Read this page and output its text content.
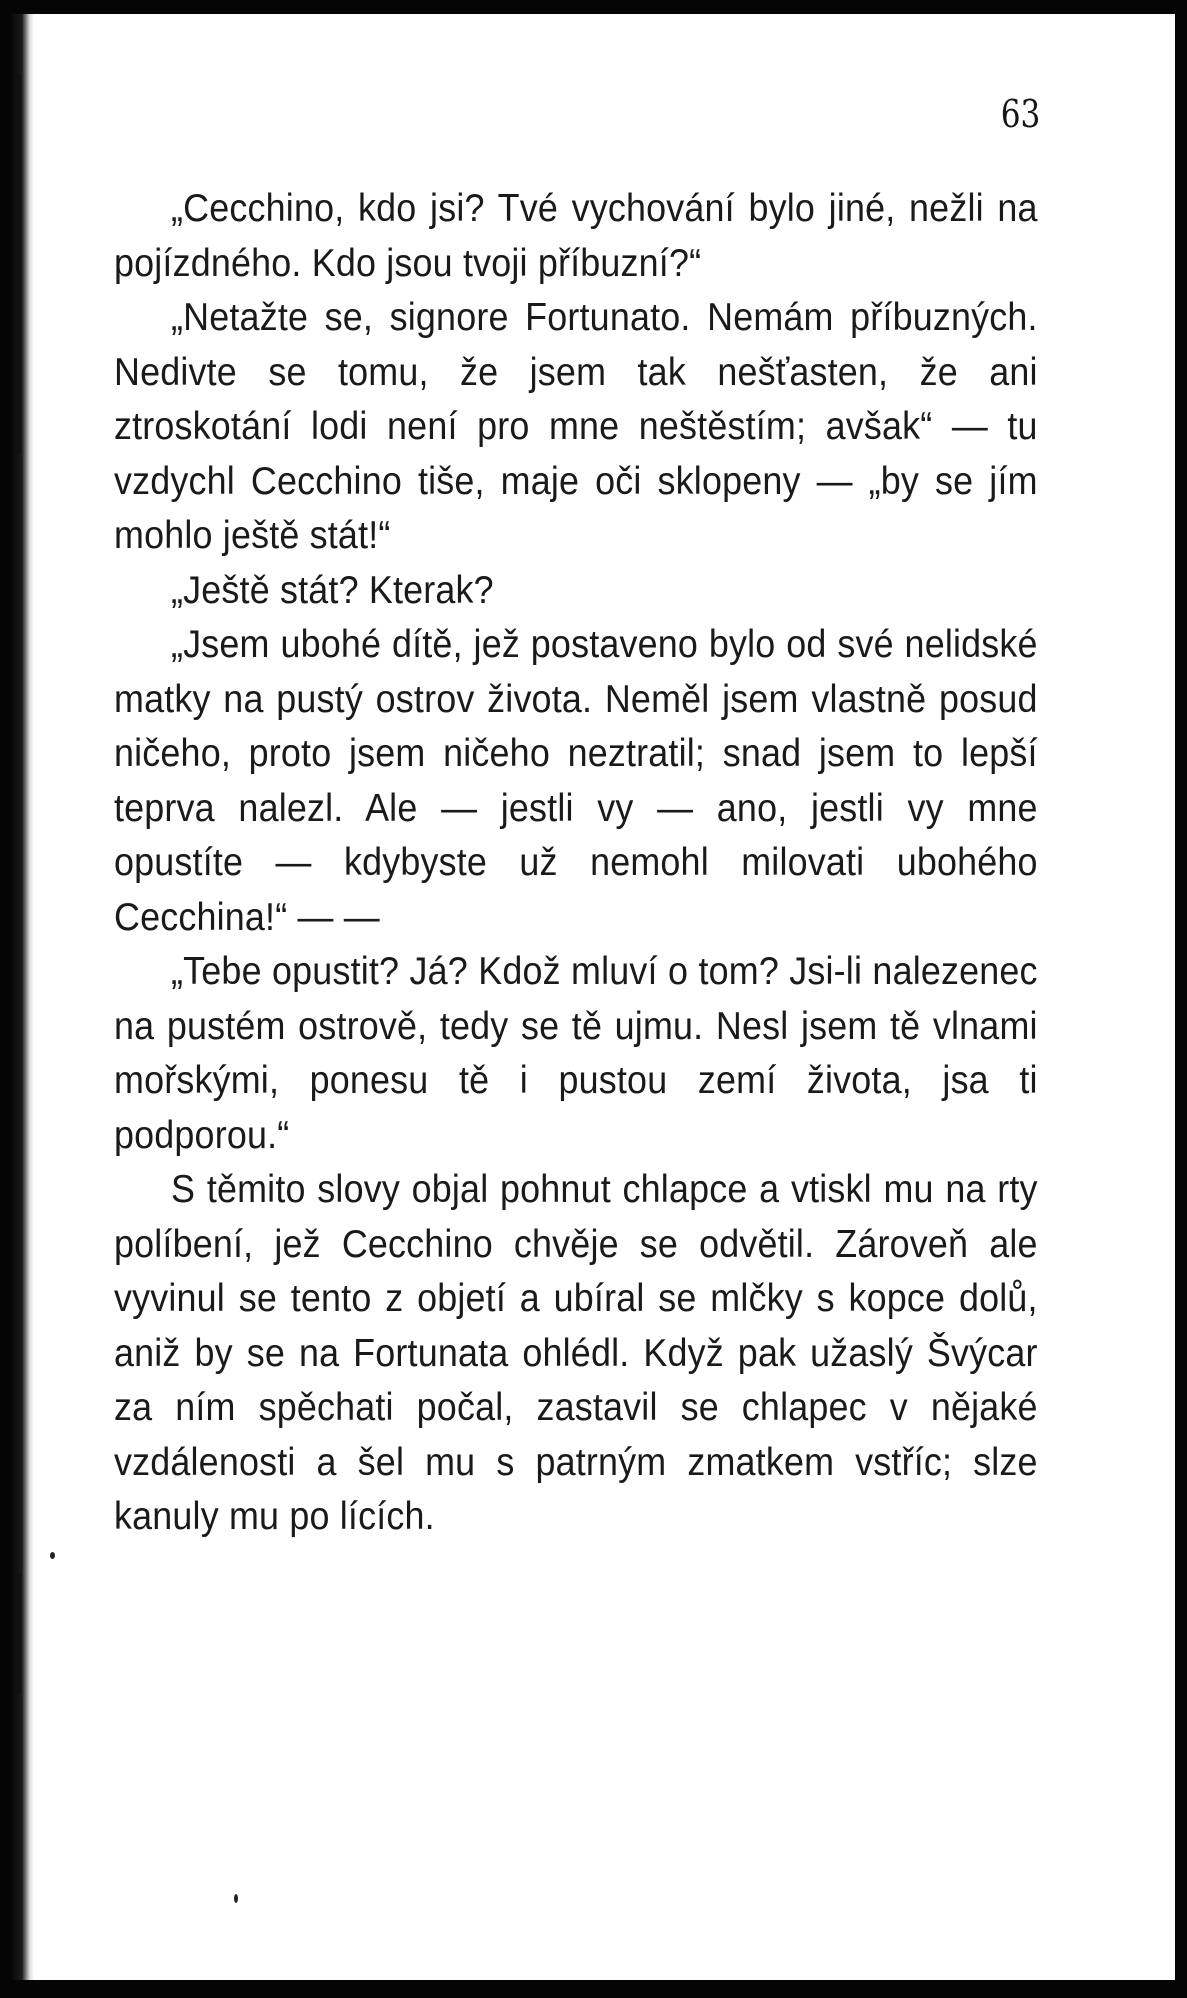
63

„Cecchino, kdo jsi? Tvé vychování bylo jiné, nežli na pojízdného. Kdo jsou tvoji příbuzní?“

„Netažte se, signore Fortunato. Nemám příbuzných. Nedivte se tomu, že jsem tak nešťasten, že ani ztroskotání lodi není pro mne neštěstím; avšak“ — tu vzdychl Cecchino tiše, maje oči sklopeny — „by se jím mohlo ještě stát!“

„Ještě stát? Kterak?

„Jsem ubohé dítě, jež postaveno bylo od své nelidské matky na pustý ostrov života. Neměl jsem vlastně posud ničeho, proto jsem ničeho neztratil; snad jsem to lepší teprva nalezl. Ale — jestli vy — ano, jestli vy mne opustíte — kdybyste už nemohl milovati ubohého Cecchina!“ — —

„Tebe opustit? Já? Kdož mluví o tom? Jsi-li nalezenec na pustém ostrově, tedy se tě ujmu. Nesl jsem tě vlnami mořskými, ponesu tě i pustou zemí života, jsa ti podporou.“

S těmito slovy objal pohnut chlapce a vtiskl mu na rty políbení, jež Cecchino chvěje se odvětil. Zároveň ale vyvinul se tento z objetí a ubíral se mlčky s kopce dolů, aniž by se na Fortunata ohlédl. Když pak užaslý Švýcar za ním spěchati počal, zastavil se chlapec v nějaké vzdálenosti a šel mu s patrným zmatkem vstříc; slze kanuly mu po lících.
